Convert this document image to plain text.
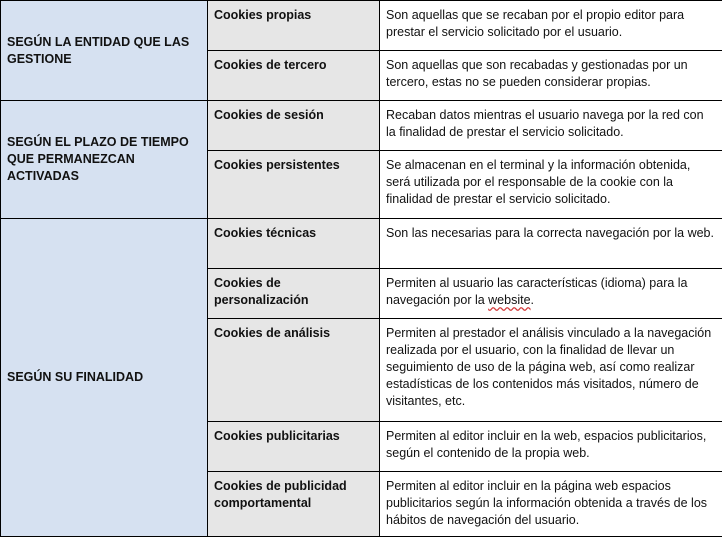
SEGÚN LA ENTIDAD QUE LAS GESTIONE	Cookies propias	Son aquellas que se recaban por el propio editor para prestar el servicio solicitado por el usuario.
	Cookies de tercero	Son aquellas que son recabadas y gestionadas por un tercero, estas no se pueden considerar propias.
SEGÚN EL PLAZO DE TIEMPO QUE PERMANEZCAN ACTIVADAS	Cookies de sesión	Recaban datos mientras el usuario navega por la red con la finalidad de prestar el servicio solicitado.
	Cookies persistentes	Se almacenan en el terminal y la información obtenida, será utilizada por el responsable de la cookie con la finalidad de prestar el servicio solicitado.
SEGÚN SU FINALIDAD	Cookies técnicas	Son las necesarias para la correcta navegación por la web.
	Cookies de personalización	Permiten al usuario las características (idioma) para la navegación por la website.
	Cookies de análisis	Permiten al prestador el análisis vinculado a la navegación realizada por el usuario, con la finalidad de llevar un seguimiento de uso de la página web, así como realizar estadísticas de los contenidos más visitados, número de visitantes, etc.
	Cookies publicitarias	Permiten al editor incluir en la web, espacios publicitarios, según el contenido de la propia web.
	Cookies de publicidad comportamental	Permiten al editor incluir en la página web espacios publicitarios según la información obtenida a través de los hábitos de navegación del usuario.
